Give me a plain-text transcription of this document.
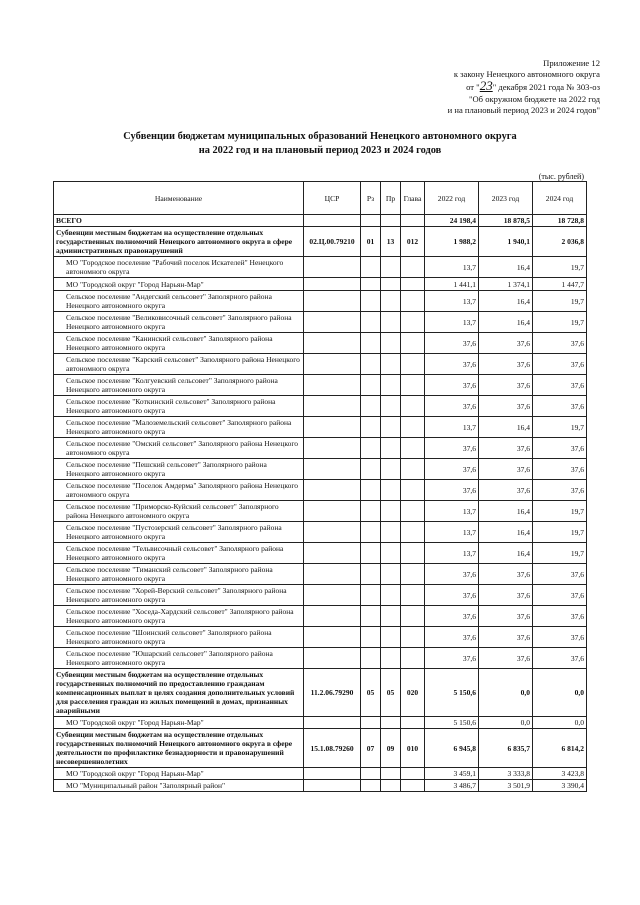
Приложение 12
к закону Ненецкого автономного округа
от "23" декабря 2021 года № 303-оз
"Об окружном бюджете на 2022 год
и на плановый период 2023 и 2024 годов"
Субвенции бюджетам муниципальных образований Ненецкого автономного округа
на 2022 год и на плановый период 2023 и 2024 годов
(тыс. рублей)
Наименование	ЦСР	Рз	Пр	Глава	2022 год	2023 год	2024 год
ВСЕГО					24 198,4	18 878,5	18 728,8
Субвенции местным бюджетам на осуществление отдельных государственных полномочий Ненецкого автономного округа в сфере административных правонарушений	02.Ц.00.79210	01	13	012	1 988,2	1 940,1	2 036,8
МО "Городское поселение "Рабочий поселок Искателей" Ненецкого автономного округа					13,7	16,4	19,7
МО "Городской округ "Город Нарьян-Мар"					1 441,1	1 374,1	1 447,7
Сельское поселение "Андегский сельсовет" Заполярного района Ненецкого автономного округа					13,7	16,4	19,7
Сельское поселение "Великовисочный сельсовет" Заполярного района Ненецкого автономного округа					13,7	16,4	19,7
Сельское поселение "Канинский сельсовет" Заполярного района Ненецкого автономного округа					37,6	37,6	37,6
Сельское поселение "Карский сельсовет" Заполярного района Ненецкого автономного округа					37,6	37,6	37,6
Сельское поселение "Колгуевский сельсовет" Заполярного района Ненецкого автономного округа					37,6	37,6	37,6
Сельское поселение "Коткинский сельсовет" Заполярного района Ненецкого автономного округа					37,6	37,6	37,6
Сельское поселение "Малоземельский сельсовет" Заполярного района Ненецкого автономного округа					13,7	16,4	19,7
Сельское поселение "Омский сельсовет" Заполярного района Ненецкого автономного округа					37,6	37,6	37,6
Сельское поселение "Пешский сельсовет" Заполярного района Ненецкого автономного округа					37,6	37,6	37,6
Сельское поселение "Поселок Амдерма" Заполярного района Ненецкого автономного округа					37,6	37,6	37,6
Сельское поселение "Приморско-Куйский сельсовет" Заполярного района Ненецкого автономного округа					13,7	16,4	19,7
Сельское поселение "Пустозерский сельсовет" Заполярного района Ненецкого автономного округа					13,7	16,4	19,7
Сельское поселение "Тельвисочный сельсовет" Заполярного района Ненецкого автономного округа					13,7	16,4	19,7
Сельское поселение "Тиманский сельсовет" Заполярного района Ненецкого автономного округа					37,6	37,6	37,6
Сельское поселение "Хорей-Верский сельсовет" Заполярного района Ненецкого автономного округа					37,6	37,6	37,6
Сельское поселение "Хоседа-Хардский сельсовет" Заполярного района Ненецкого автономного округа					37,6	37,6	37,6
Сельское поселение "Шоинский сельсовет" Заполярного района Ненецкого автономного округа					37,6	37,6	37,6
Сельское поселение "Юшарский сельсовет" Заполярного района Ненецкого автономного округа					37,6	37,6	37,6
Субвенции местным бюджетам на осуществление отдельных государственных полномочий по предоставлению гражданам компенсационных выплат в целях создания дополнительных условий для расселения граждан из жилых помещений в домах, признанных аварийными	11.2.06.79290	05	05	020	5 150,6	0,0	0,0
МО "Городской округ "Город Нарьян-Мар"					5 150,6	0,0	0,0
Субвенции местным бюджетам на осуществление отдельных государственных полномочий Ненецкого автономного округа в сфере деятельности по профилактике безнадзорности и правонарушений несовершеннолетних	15.1.08.79260	07	09	010	6 945,8	6 835,7	6 814,2
МО "Городской округ "Город Нарьян-Мар"					3 459,1	3 333,8	3 423,8
МО "Муниципальный район "Заполярный район"					3 486,7	3 501,9	3 390,4
